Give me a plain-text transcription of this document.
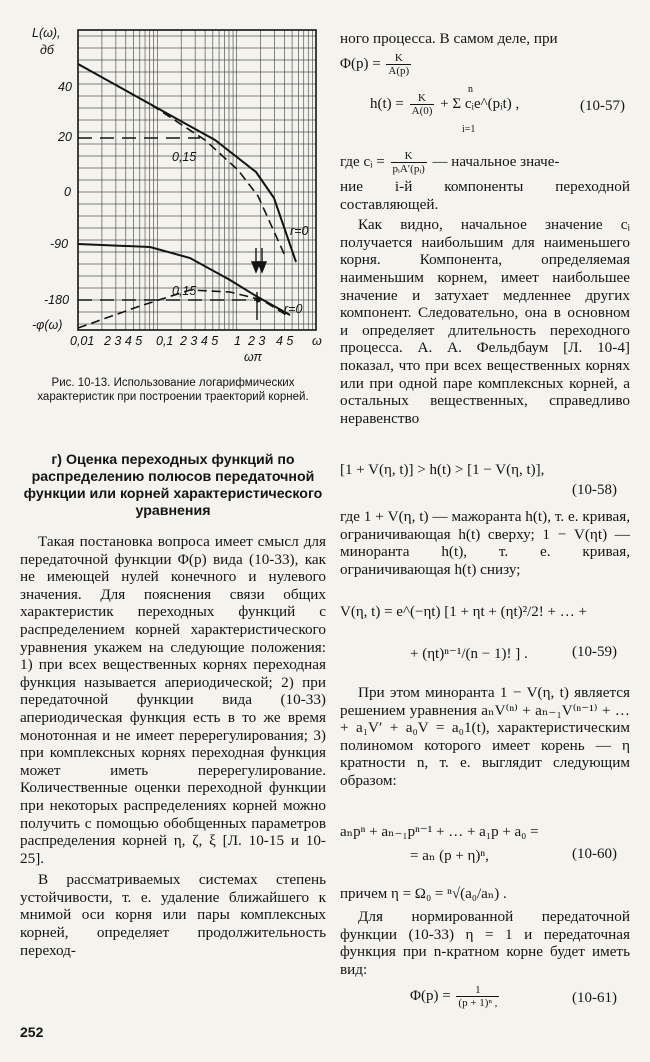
L(ω),
дб
40
20
0
-90
-180
-φ(ω)
0,01 2 3 4 5 0,1 2 3 4 5 1 2 3 4 5 ω
ωπ
0,15
r=0
0,15
r=0
Рис. 10-13. Использование логарифмических характеристик при построении траекторий корней.
г) Оценка переходных функций по распределению полюсов передаточной функции или корней характеристического уравнения

Такая постановка вопроса имеет смысл для передаточной функции Φ(p) вида (10-33), как не имеющей нулей конечного и нулевого значения. Для пояснения связи общих характеристик переходных функций с распределением корней характеристического уравнения укажем на следующие положения: 1) при всех вещественных корнях переходная функция называется апериодической; 2) при передаточной функции вида (10-33) апериодическая функция есть в то же время монотонная и не имеет перерегулирования; 3) при комплексных корнях переходная функция может иметь перерегулирование. Количественные оценки переходной функции при некоторых распределениях корней можно получить с помощью обобщенных параметров распределения корней η, ζ, ξ [Л. 10-15 и 10-25].

В рассматриваемых системах степень устойчивости, т. е. удаление ближайшего к мнимой оси корня или пары комплексных корней, определяет продолжительность переход-

252

ного процесса. В самом деле, при

$\Phi(p) = \frac{K}{A(p)}$
$h(t) = \frac{K}{A(0)} + \Sigma$ cᵢe^(pᵢt) ,
n
i=1
(10-57)
где cᵢ = $\frac{K}{\text{pᵢA′(pᵢ)}}$ — начальное значе-

ние i-й компоненты переходной составляющей.

Как видно, начальное значение cᵢ получается наибольшим для наименьшего корня. Компонента, определяемая наименьшим корнем, имеет наибольшее значение и затухает медленнее других компонент. Следовательно, она в основном и определяет длительность переходного процесса. А. А. Фельдбаум [Л. 10-4] показал, что при всех вещественных корнях или при одной паре комплексных корней, а остальных вещественных, справедливо неравенство

[1 + V(η, t)] > h(t) > [1 − V(η, t)],
(10-58)

где 1 + V(η, t) — мажоранта h(t), т. е. кривая, ограничивающая h(t) сверху; 1 − V(ηt) — миноранта h(t), т. е. кривая, ограничивающая h(t) снизу;

V(η, t) = e^(−ηt) [1 + ηt + (ηt)²/2! + … +
+ (ηt)ⁿ⁻¹/(n − 1)! ] .	(10-59)

При этом миноранта 1 − V(η, t) является решением уравнения aₙV⁽ⁿ⁾ + aₙ₋₁V⁽ⁿ⁻¹⁾ + … + a₁V′ + a₀V = a₀1(t), характеристическим полиномом которого имеет корень — η кратности n, т. е. выглядит следующим образом:

aₙpⁿ + aₙ₋₁pⁿ⁻¹ + … + a₁p + a₀ =
= aₙ (p + η)ⁿ,	(10-60)
причем η = Ω₀ = ⁿ√(a₀/aₙ) .

Для нормированной передаточной функции (10-33) η = 1 и передаточная функция при n-кратном корне будет иметь вид:

$\Phi(p) = \frac{1}{\text{(p + 1)ⁿ ,}}$	(10-61)
